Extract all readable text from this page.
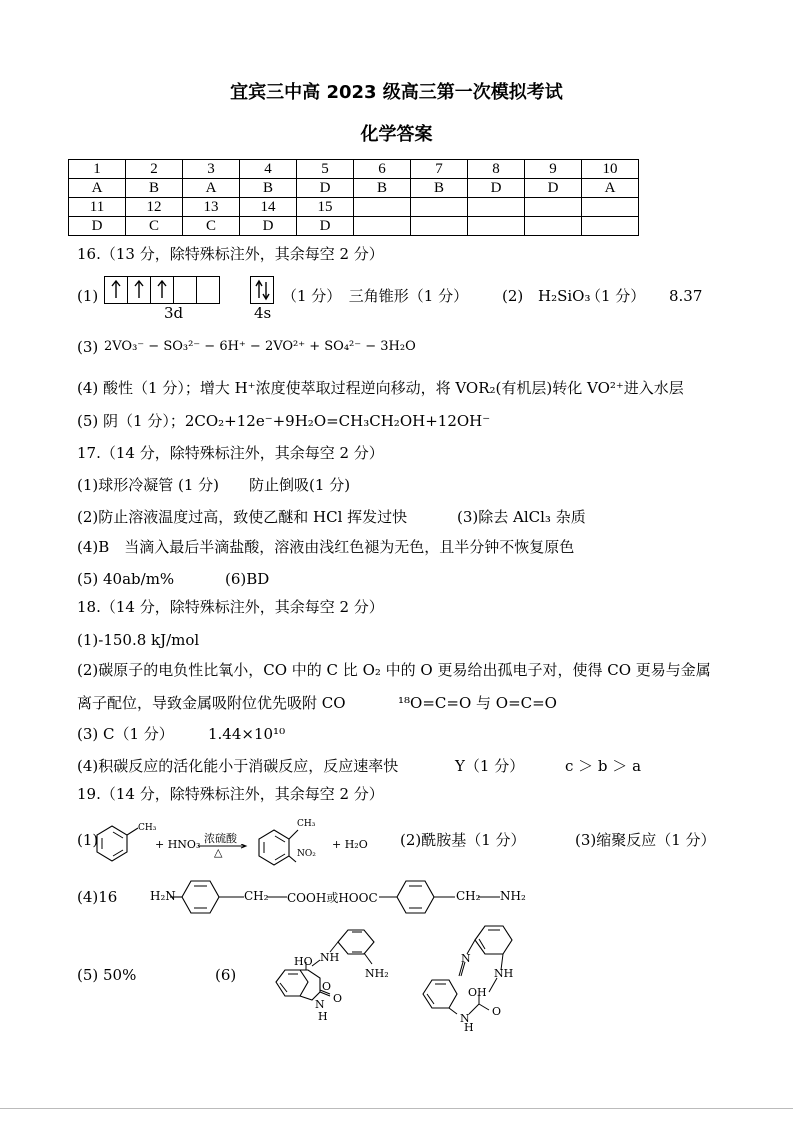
宜宾三中高 2023 级高三第一次模拟考试
化学答案
1	2	3	4	5	6	7	8	9	10
A	B	A	B	D	B	B	D	D	A
11	12	13	14	15					
D	C	C	D	D					
16.（13 分，除特殊标注外，其余每空 2 分）
(1)
3d	4s
（1 分）　三角锥形（1 分） (2) H₂SiO₃
（1 分） 8.37
(3) 2VO₃⁻ − SO₃²⁻ − 6H⁺ − 2VO²⁺ + SO₄²⁻ − 3H₂O
(4) 酸性（1 分）；增大 H⁺浓度使萃取过程逆向移动，将 VOR₂(有机层)转化 VO²⁺进入水层
(5) 阴（1 分）；2CO₂+12e⁻+9H₂O=CH₃CH₂OH+12OH⁻
17.（14 分，除特殊标注外，其余每空 2 分）
(1)球形冷凝管 (1 分)　　防止倒吸(1 分)
(2)防止溶液温度过高，致使乙醚和 HCl 挥发过快	(3)除去 AlCl₃ 杂质
(4)B　当滴入最后半滴盐酸，溶液由浅红色褪为无色，且半分钟不恢复原色
(5) 40ab/m%	(6)BD
18.（14 分，除特殊标注外，其余每空 2 分）
(1)-150.8 kJ/mol
(2)碳原子的电负性比氧小，CO 中的 C 比 O₂ 中的 O 更易给出孤电子对，使得 CO 更易与金属
离子配位，导致金属吸附位优先吸附 CO	¹⁸O=C=O 与 O=C=O
(3) C（1 分） 1.44×10¹⁰
(4)积碳反应的活化能小于消碳反应，反应速率快	Y（1 分）	c ＞ b ＞ a
19.（14 分，除特殊标注外，其余每空 2 分）
(1)
CH₃
+ HNO₃ 浓硫酸
△
CH₃
NO₂
+ H₂O (2)酰胺基（1 分）	(3)缩聚反应（1 分）
(4)16	H₂N	CH₂ COOH或HOOC	CH₂ NH₂
(5) 50%	(6)
HO NH
NH₂
O
O
N
H
N
NH
OH
N
O
H
